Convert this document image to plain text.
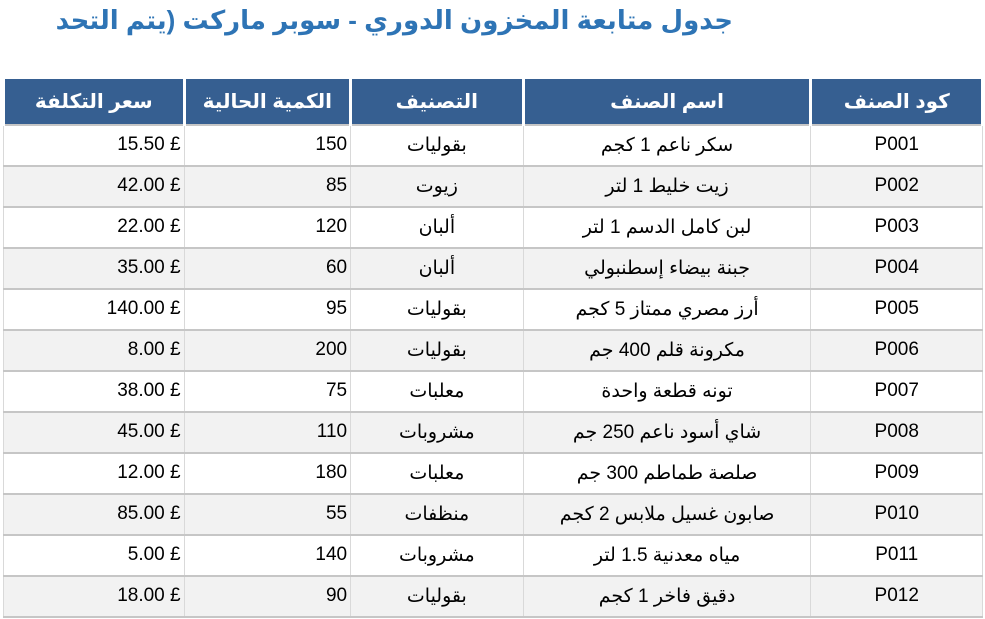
جدول متابعة المخزون الدوري - سوبر ماركت (يتم التحد
كود الصنف	اسم الصنف	التصنيف	الكمية الحالية	سعر التكلفة
P001	سكر ناعم 1 كجم	بقوليات	150	15.50 £
P002	زيت خليط 1 لتر	زيوت	85	42.00 £
P003	لبن كامل الدسم 1 لتر	ألبان	120	22.00 £
P004	جبنة بيضاء إسطنبولي	ألبان	60	35.00 £
P005	أرز مصري ممتاز 5 كجم	بقوليات	95	140.00 £
P006	مكرونة قلم 400 جم	بقوليات	200	8.00 £
P007	تونه قطعة واحدة	معلبات	75	38.00 £
P008	شاي أسود ناعم 250 جم	مشروبات	110	45.00 £
P009	صلصة طماطم 300 جم	معلبات	180	12.00 £
P010	صابون غسيل ملابس 2 كجم	منظفات	55	85.00 £
P011	مياه معدنية 1.5 لتر	مشروبات	140	5.00 £
P012	دقيق فاخر 1 كجم	بقوليات	90	18.00 £
